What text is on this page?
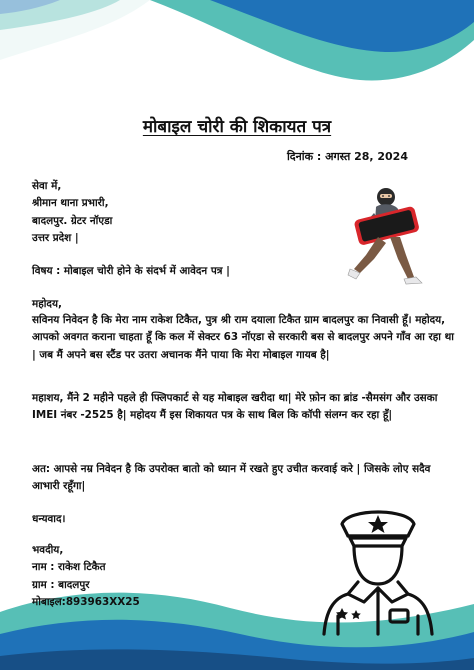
मोबाइल चोरी की शिकायत पत्र
दिनांक : अगस्त 28, 2024
सेवा में,
श्रीमान थाना प्रभारी,
बादलपुर. ग्रेटर नॉएडा
उत्तर प्रदेश |
विषय : मोबाइल चोरी होने के संदर्भ में आवेदन पत्र |
महोदय,
सविनय निवेदन है कि मेरा नाम राकेश टिकैत, पुत्र श्री राम दयाला टिकैत ग्राम बादलपुर का निवासी हूँ। महोदय, आपको अवगत कराना चाहता हूँ कि कल में सेक्टर 63 नॉएडा से सरकारी बस से बादलपुर अपने गाँव आ रहा था | जब मैं अपने बस स्टैंड पर उतरा अचानक मैंने पाया कि मेरा मोबाइल गायब है|
महाशय, मैंने 2 महीने पहले ही फ्लिपकार्ट से यह मोबाइल खरीदा था| मेरे फ़ोन का ब्रांड -सैमसंग और उसका IMEI नंबर -2525 है| महोदय मैं इस शिकायत पत्र के साथ बिल कि कॉपी संलग्न कर रहा हूँ|
अत: आपसे नम्र निवेदन है कि उपरोक्त बातो को ध्यान में रखते हुए उचीत करवाई करे | जिसके लोए सदैव आभारी रहूँगा|
धन्यवाद।
भवदीय,
नाम : राकेश टिकैत
ग्राम : बादलपुर
मोबाइल:893963XX25
